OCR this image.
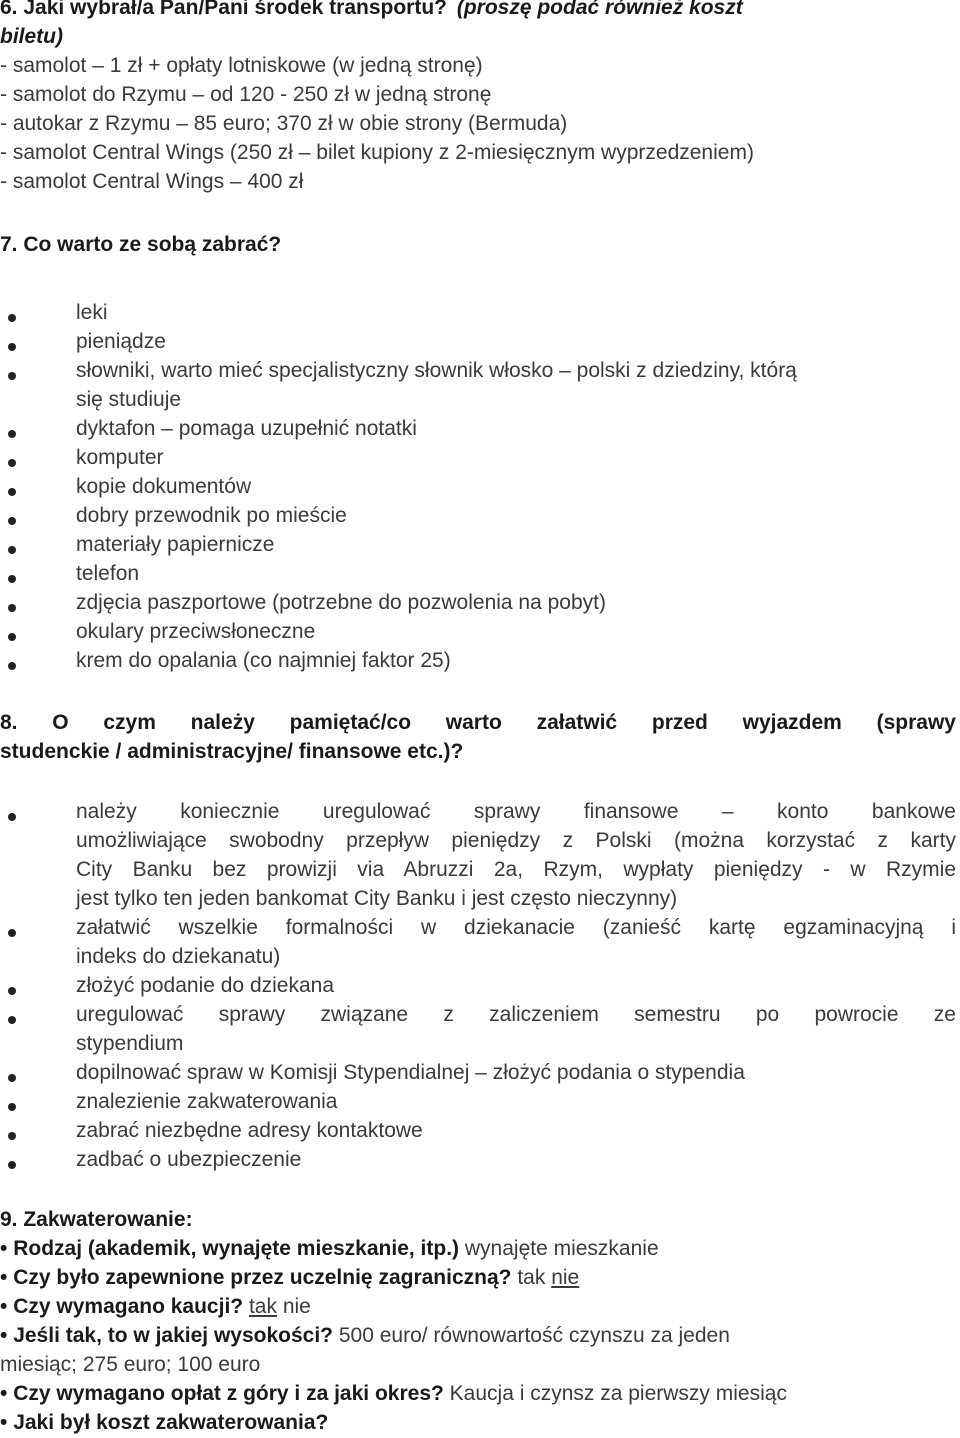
6. Jaki wybrał/a Pan/Pani środek transportu? (proszę podać również koszt
biletu)
- samolot – 1 zł + opłaty lotniskowe (w jedną stronę)
- samolot do Rzymu – od 120 - 250 zł w jedną stronę
- autokar z Rzymu – 85 euro; 370 zł w obie strony (Bermuda)
- samolot Central Wings (250 zł – bilet kupiony z 2-miesięcznym wyprzedzeniem)
- samolot Central Wings – 400 zł
7. Co warto ze sobą zabrać?
leki
pieniądze
słowniki, warto mieć specjalistyczny słownik włosko – polski z dziedziny, którą
się studiuje
dyktafon – pomaga uzupełnić notatki
komputer
kopie dokumentów
dobry przewodnik po mieście
materiały papiernicze
telefon
zdjęcia paszportowe (potrzebne do pozwolenia na pobyt)
okulary przeciwsłoneczne
krem do opalania (co najmniej faktor 25)
8. O czym należy pamiętać/co warto załatwić przed wyjazdem (sprawy
studenckie / administracyjne/ finansowe etc.)?
należy koniecznie uregulować sprawy finansowe – konto bankowe
umożliwiające swobodny przepływ pieniędzy z Polski (można korzystać z karty
City Banku bez prowizji via Abruzzi 2a, Rzym, wypłaty pieniędzy - w Rzymie
jest tylko ten jeden bankomat City Banku i jest często nieczynny)
załatwić wszelkie formalności w dziekanacie (zanieść kartę egzaminacyjną i
indeks do dziekanatu)
złożyć podanie do dziekana
uregulować sprawy związane z zaliczeniem semestru po powrocie ze
stypendium
dopilnować spraw w Komisji Stypendialnej – złożyć podania o stypendia
znalezienie zakwaterowania
zabrać niezbędne adresy kontaktowe
zadbać o ubezpieczenie
9. Zakwaterowanie:
• Rodzaj (akademik, wynajęte mieszkanie, itp.) wynajęte mieszkanie
• Czy było zapewnione przez uczelnię zagraniczną? tak nie
• Czy wymagano kaucji? tak nie
• Jeśli tak, to w jakiej wysokości? 500 euro/ równowartość czynszu za jeden
miesiąc; 275 euro; 100 euro
• Czy wymagano opłat z góry i za jaki okres? Kaucja i czynsz za pierwszy miesiąc
• Jaki był koszt zakwaterowania?
